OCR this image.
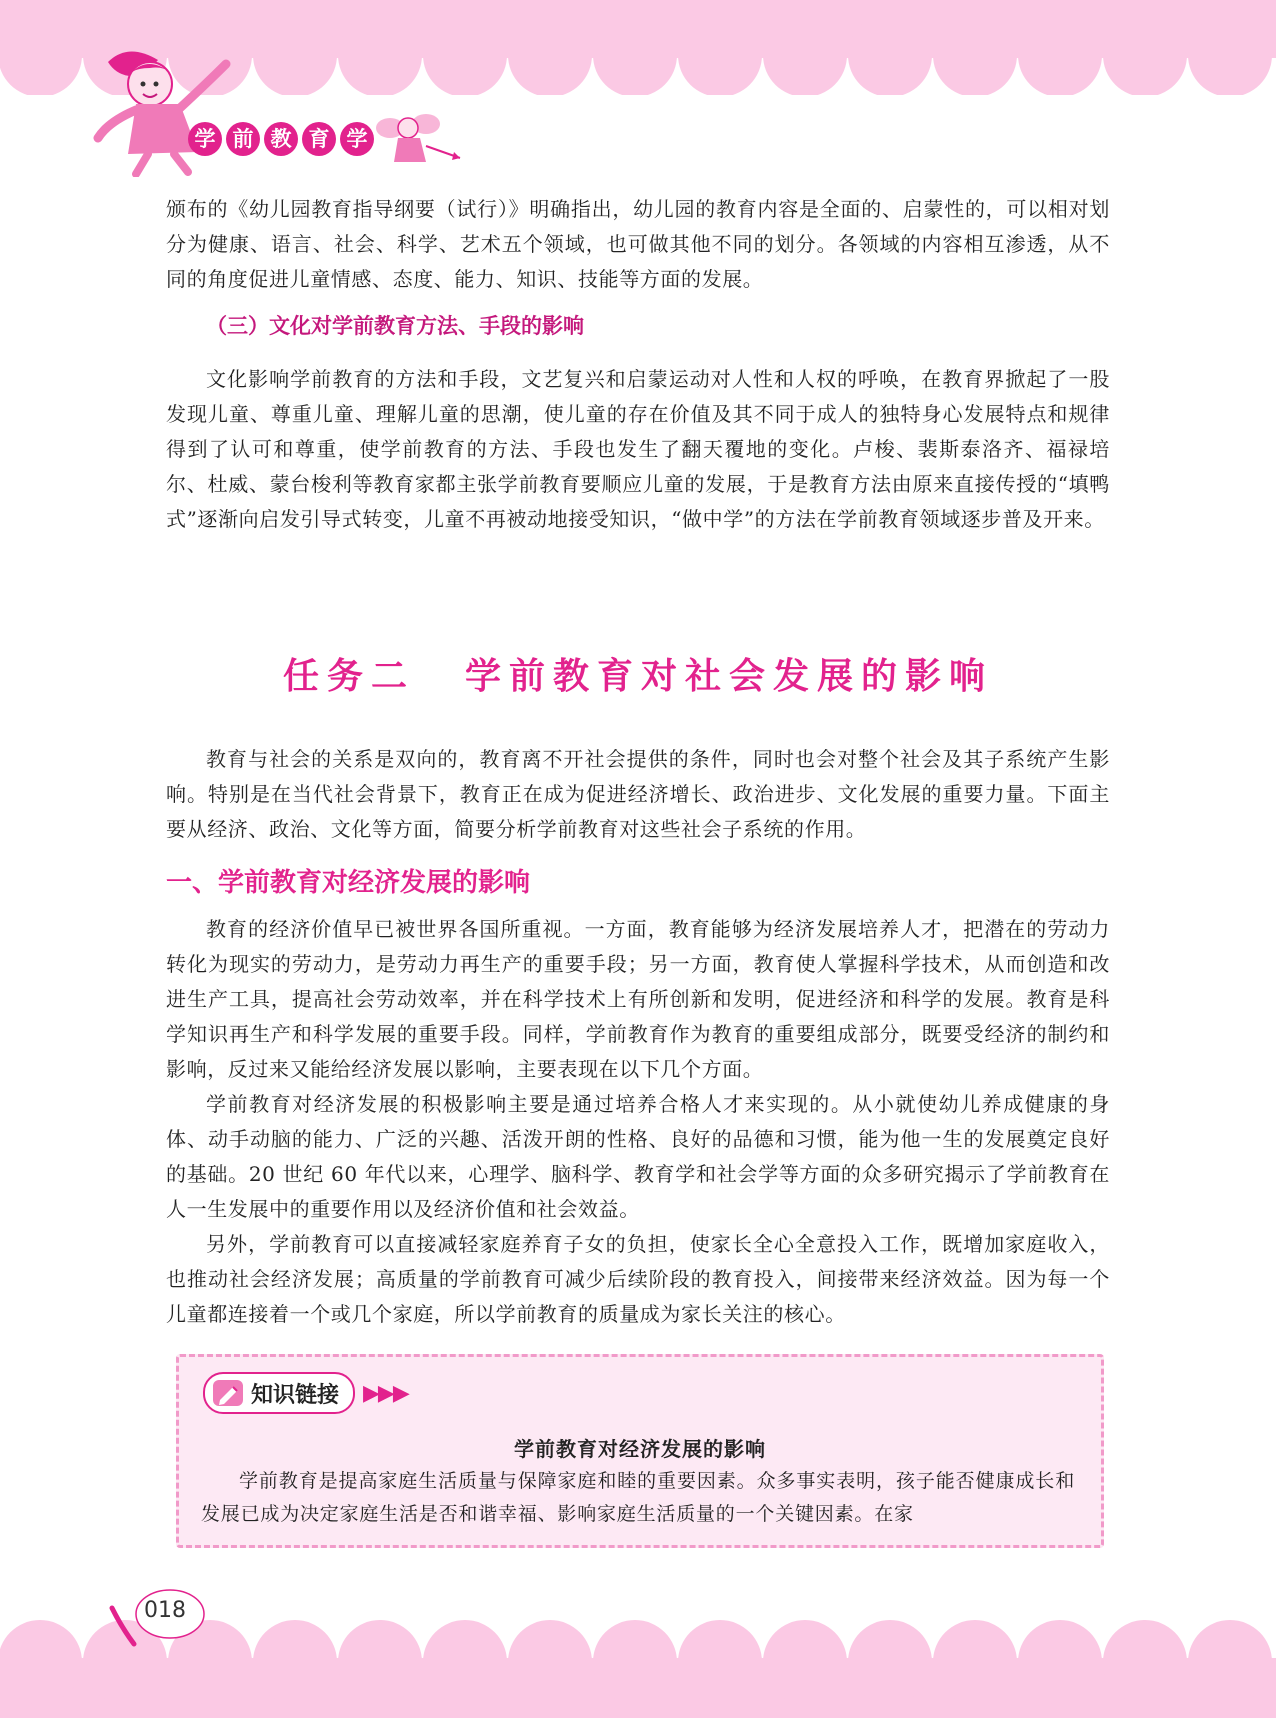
学 前 教 育 学

颁布的《幼儿园教育指导纲要（试行）》明确指出，幼儿园的教育内容是全面的、启蒙性的，可以相对划分为健康、语言、社会、科学、艺术五个领域，也可做其他不同的划分。各领域的内容相互渗透，从不同的角度促进儿童情感、态度、能力、知识、技能等方面的发展。

（三）文化对学前教育方法、手段的影响

文化影响学前教育的方法和手段，文艺复兴和启蒙运动对人性和人权的呼唤，在教育界掀起了一股发现儿童、尊重儿童、理解儿童的思潮，使儿童的存在价值及其不同于成人的独特身心发展特点和规律得到了认可和尊重，使学前教育的方法、手段也发生了翻天覆地的变化。卢梭、裴斯泰洛齐、福禄培尔、杜威、蒙台梭利等教育家都主张学前教育要顺应儿童的发展，于是教育方法由原来直接传授的“填鸭式”逐渐向启发引导式转变，儿童不再被动地接受知识，“做中学”的方法在学前教育领域逐步普及开来。

任务二 学前教育对社会发展的影响

教育与社会的关系是双向的，教育离不开社会提供的条件，同时也会对整个社会及其子系统产生影响。特别是在当代社会背景下，教育正在成为促进经济增长、政治进步、文化发展的重要力量。下面主要从经济、政治、文化等方面，简要分析学前教育对这些社会子系统的作用。

一、学前教育对经济发展的影响

教育的经济价值早已被世界各国所重视。一方面，教育能够为经济发展培养人才，把潜在的劳动力转化为现实的劳动力，是劳动力再生产的重要手段；另一方面，教育使人掌握科学技术，从而创造和改进生产工具，提高社会劳动效率，并在科学技术上有所创新和发明，促进经济和科学的发展。教育是科学知识再生产和科学发展的重要手段。同样，学前教育作为教育的重要组成部分，既要受经济的制约和影响，反过来又能给经济发展以影响，主要表现在以下几个方面。

学前教育对经济发展的积极影响主要是通过培养合格人才来实现的。从小就使幼儿养成健康的身体、动手动脑的能力、广泛的兴趣、活泼开朗的性格、良好的品德和习惯，能为他一生的发展奠定良好的基础。20 世纪 60 年代以来，心理学、脑科学、教育学和社会学等方面的众多研究揭示了学前教育在人一生发展中的重要作用以及经济价值和社会效益。

另外，学前教育可以直接减轻家庭养育子女的负担，使家长全心全意投入工作，既增加家庭收入，也推动社会经济发展；高质量的学前教育可减少后续阶段的教育投入，间接带来经济效益。因为每一个儿童都连接着一个或几个家庭，所以学前教育的质量成为家长关注的核心。

知识链接 ▶▶▶
学前教育对经济发展的影响

学前教育是提高家庭生活质量与保障家庭和睦的重要因素。众多事实表明，孩子能否健康成长和发展已成为决定家庭生活是否和谐幸福、影响家庭生活质量的一个关键因素。在家

018
